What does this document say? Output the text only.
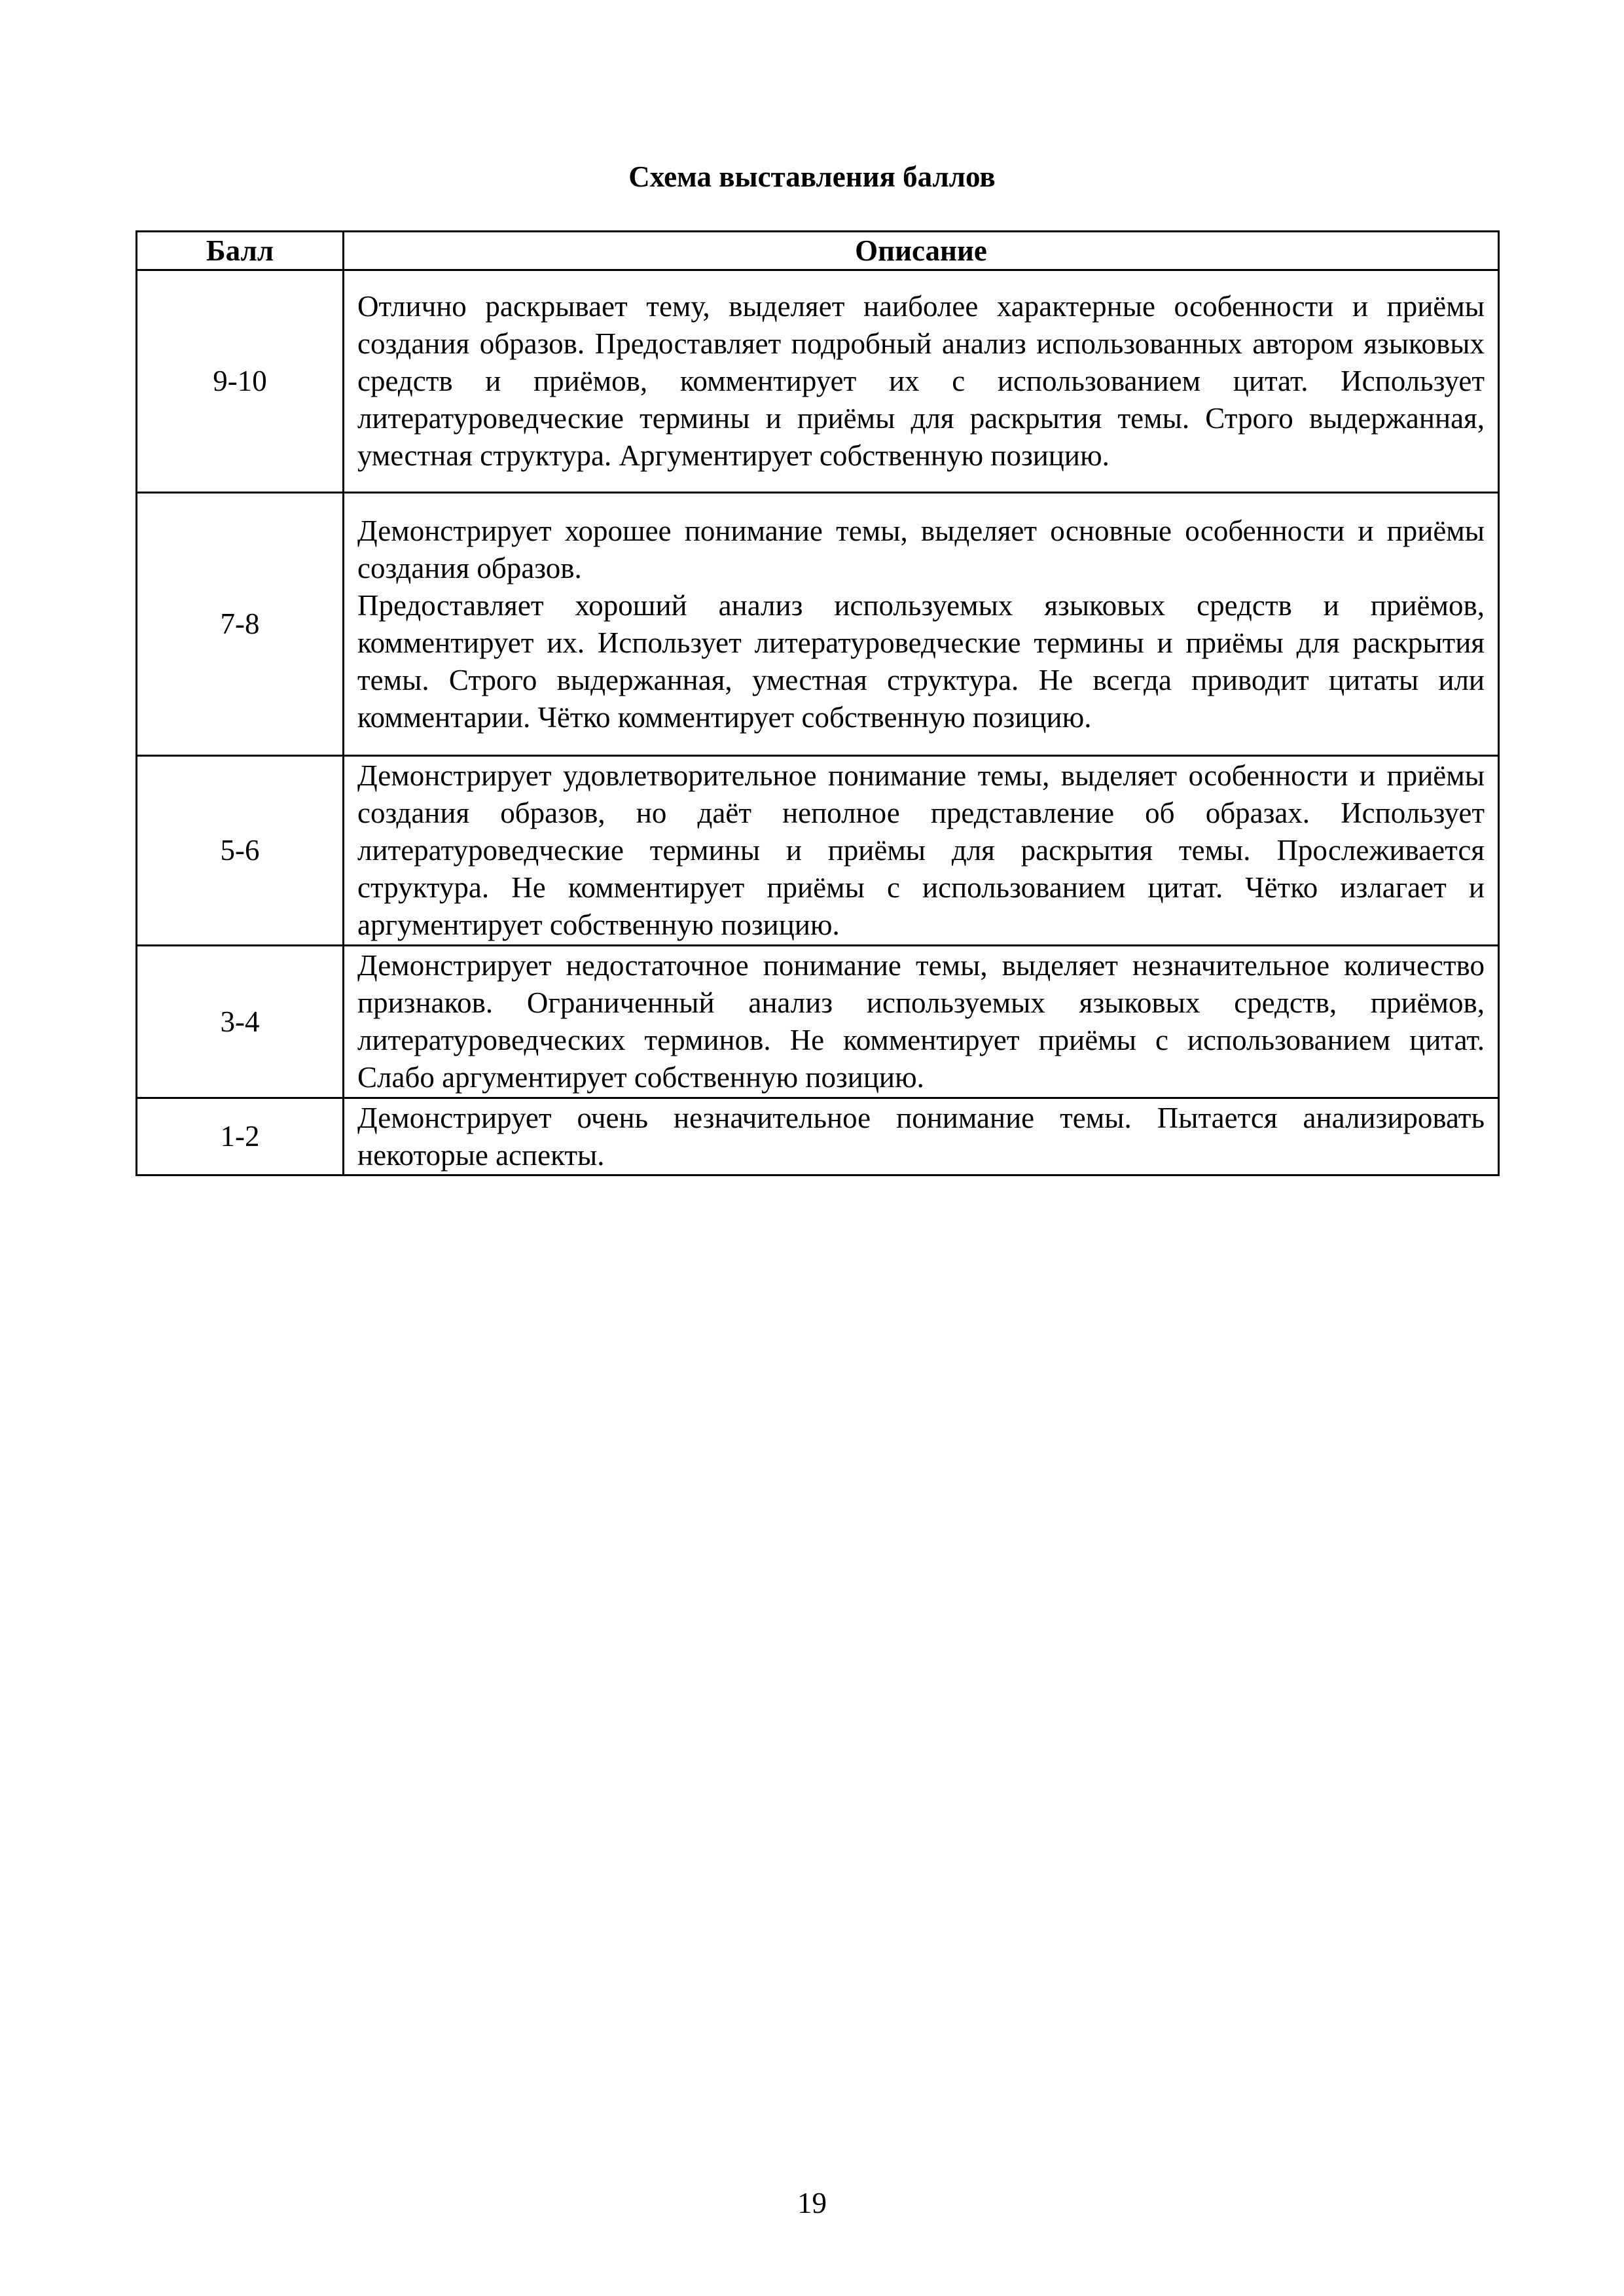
Схема выставления баллов
Балл	Описание
9-10	Отлично раскрывает тему, выделяет наиболее характерные особенности и приёмы создания образов. Предоставляет подробный анализ использованных автором языковых средств и приёмов, комментирует их с использованием цитат. Использует литературоведческие термины и приёмы для раскрытия темы. Строго выдержанная, уместная структура. Аргументирует собственную позицию.

7-8	Демонстрирует хорошее понимание темы, выделяет основные особенности и приёмы создания образов.

Предоставляет хороший анализ используемых языковых средств и приёмов, комментирует их. Использует литературоведческие термины и приёмы для раскрытия темы. Строго выдержанная, уместная структура. Не всегда приводит цитаты или комментарии. Чётко комментирует собственную позицию.

5-6	Демонстрирует удовлетворительное понимание темы, выделяет особенности и приёмы создания образов, но даёт неполное представление об образах. Использует литературоведческие термины и приёмы для раскрытия темы. Прослеживается структура. Не комментирует приёмы с использованием цитат. Чётко излагает и аргументирует собственную позицию.

3-4	Демонстрирует недостаточное понимание темы, выделяет незначительное количество признаков. Ограниченный анализ используемых языковых средств, приёмов, литературоведческих терминов. Не комментирует приёмы с использованием цитат. Слабо аргументирует собственную позицию.

1-2	Демонстрирует очень незначительное понимание темы. Пытается анализировать некоторые аспекты.

19
